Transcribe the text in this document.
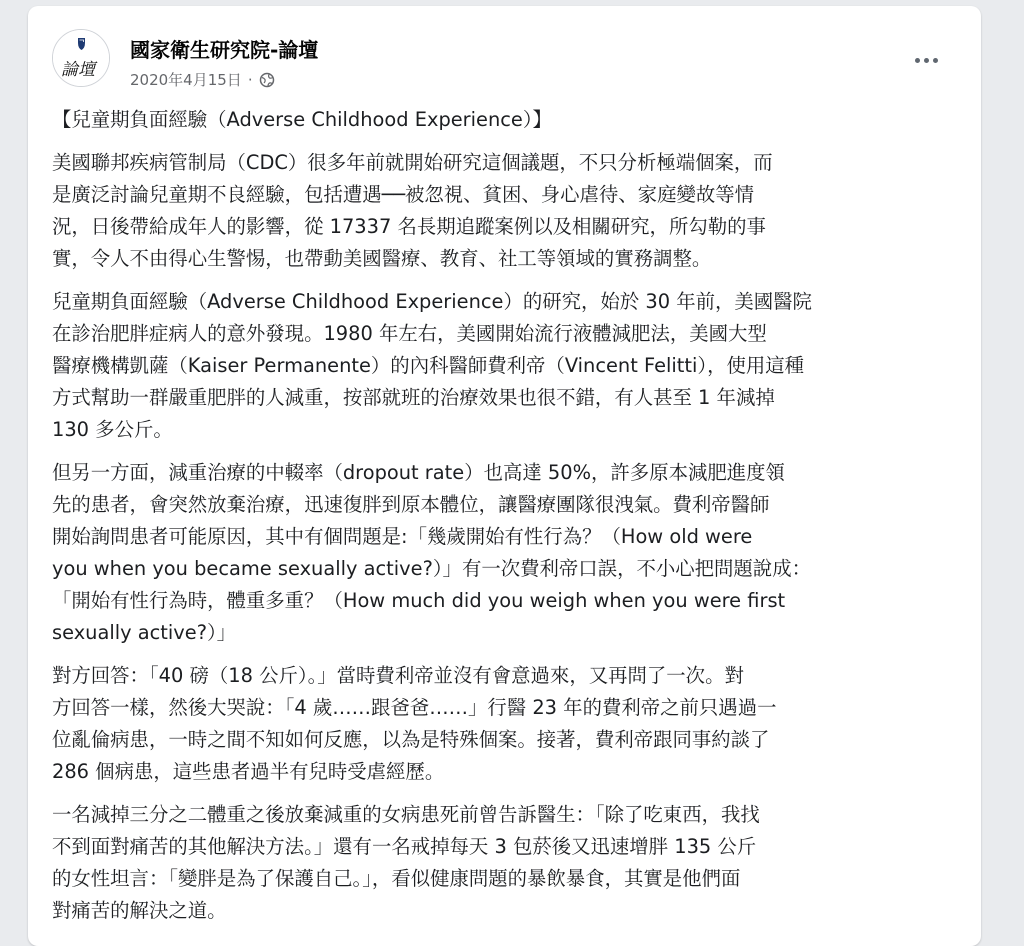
論壇
國家衛生研究院-論壇
2020年4月15日 ·

【兒童期負面經驗（Adverse Childhood Experience）】

美國聯邦疾病管制局（CDC）很多年前就開始研究這個議題，不只分析極端個案，而
是廣泛討論兒童期不良經驗，包括遭遇──被忽視、貧困、身心虐待、家庭變故等情
況，日後帶給成年人的影響，從 17337 名長期追蹤案例以及相關研究，所勾勒的事
實，令人不由得心生警惕，也帶動美國醫療、教育、社工等領域的實務調整。

兒童期負面經驗（Adverse Childhood Experience）的研究，始於 30 年前，美國醫院
在診治肥胖症病人的意外發現。1980 年左右，美國開始流行液體減肥法，美國大型
醫療機構凱薩（Kaiser Permanente）的內科醫師費利帝（Vincent Felitti），使用這種
方式幫助一群嚴重肥胖的人減重，按部就班的治療效果也很不錯，有人甚至 1 年減掉
130 多公斤。

但另一方面，減重治療的中輟率（dropout rate）也高達 50%，許多原本減肥進度領
先的患者，會突然放棄治療，迅速復胖到原本體位，讓醫療團隊很洩氣。費利帝醫師
開始詢問患者可能原因，其中有個問題是:「幾歲開始有性行為？（How old were
you when you became sexually active?）」有一次費利帝口誤，不小心把問題說成：
「開始有性行為時，體重多重？（How much did you weigh when you were first
sexually active?）」

對方回答：「40 磅（18 公斤）。」當時費利帝並沒有會意過來，又再問了一次。對
方回答一樣，然後大哭說：「4 歲……跟爸爸……」行醫 23 年的費利帝之前只遇過一
位亂倫病患，一時之間不知如何反應，以為是特殊個案。接著，費利帝跟同事約談了
286 個病患，這些患者過半有兒時受虐經歷。

一名減掉三分之二體重之後放棄減重的女病患死前曾告訴醫生：「除了吃東西，我找
不到面對痛苦的其他解決方法。」還有一名戒掉每天 3 包菸後又迅速增胖 135 公斤
的女性坦言：「變胖是為了保護自己。」，看似健康問題的暴飲暴食，其實是他們面
對痛苦的解決之道。
